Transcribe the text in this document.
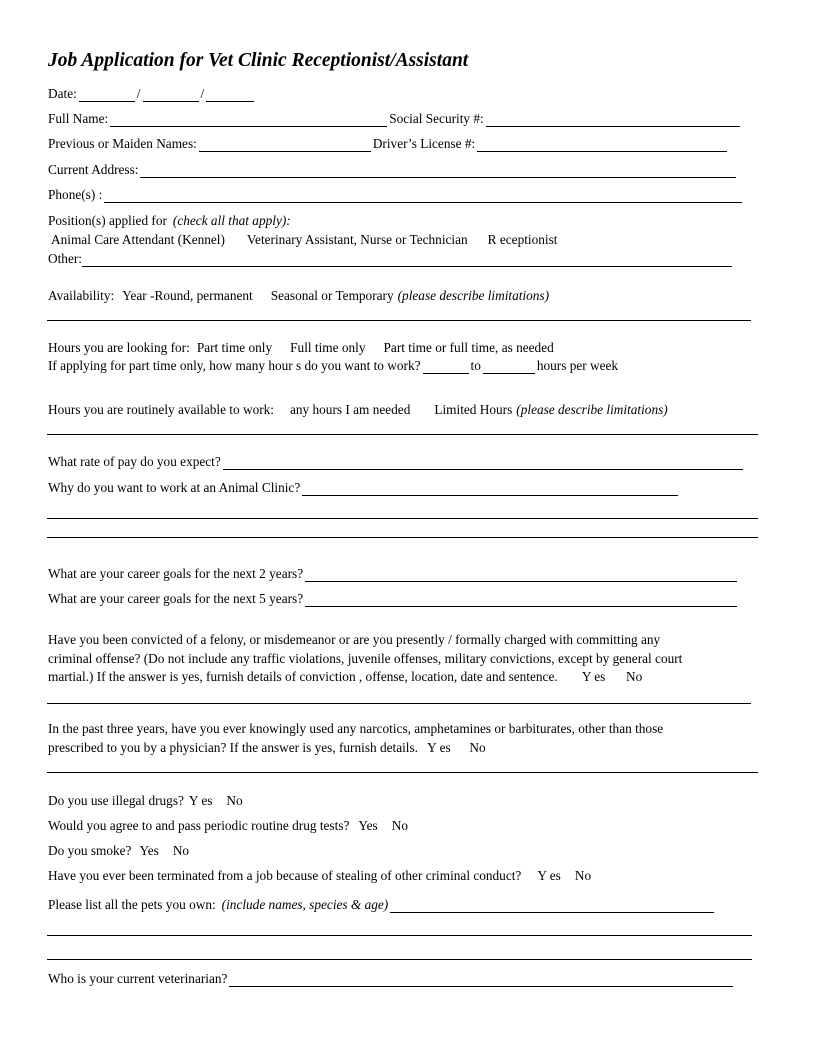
Job Application for Vet Clinic Receptionist/Assistant
Date:	/	/
Full Name:	Social Security #:
Previous or Maiden Names:	Driver’s License #:
Current Address:
Phone(s) :
Position(s) applied for (check all that apply):
Animal Care Attendant (Kennel) Veterinary Assistant, Nurse or Technician R eceptionist
Other:
Availability: Year -Round, permanent Seasonal or Temporary (please describe limitations)
Hours you are looking for: Part time only Full time only Part time or full time, as needed
If applying for part time only, how many hour s do you want to work?	to	hours per week
Hours you are routinely available to work: any hours I am needed Limited Hours (please describe limitations)
What rate of pay do you expect?
Why do you want to work at an Animal Clinic?
What are your career goals for the next 2 years?
What are your career goals for the next 5 years?
Have you been convicted of a felony, or misdemeanor or are you presently / formally charged with committing any
criminal offense? (Do not include any traffic violations, juvenile offenses, military convictions, except by general court
martial.) If the answer is yes, furnish details of conviction , offense, location, date and sentence. Y es No
In the past three years, have you ever knowingly used any narcotics, amphetamines or barbiturates, other than those
prescribed to you by a physician? If the answer is yes, furnish details. Y es No
Do you use illegal drugs? Y es No
Would you agree to and pass periodic routine drug tests? Yes No
Do you smoke? Yes No
Have you ever been terminated from a job because of stealing of other criminal conduct? Y es No
Please list all the pets you own: (include names, species & age)
Who is your current veterinarian?
